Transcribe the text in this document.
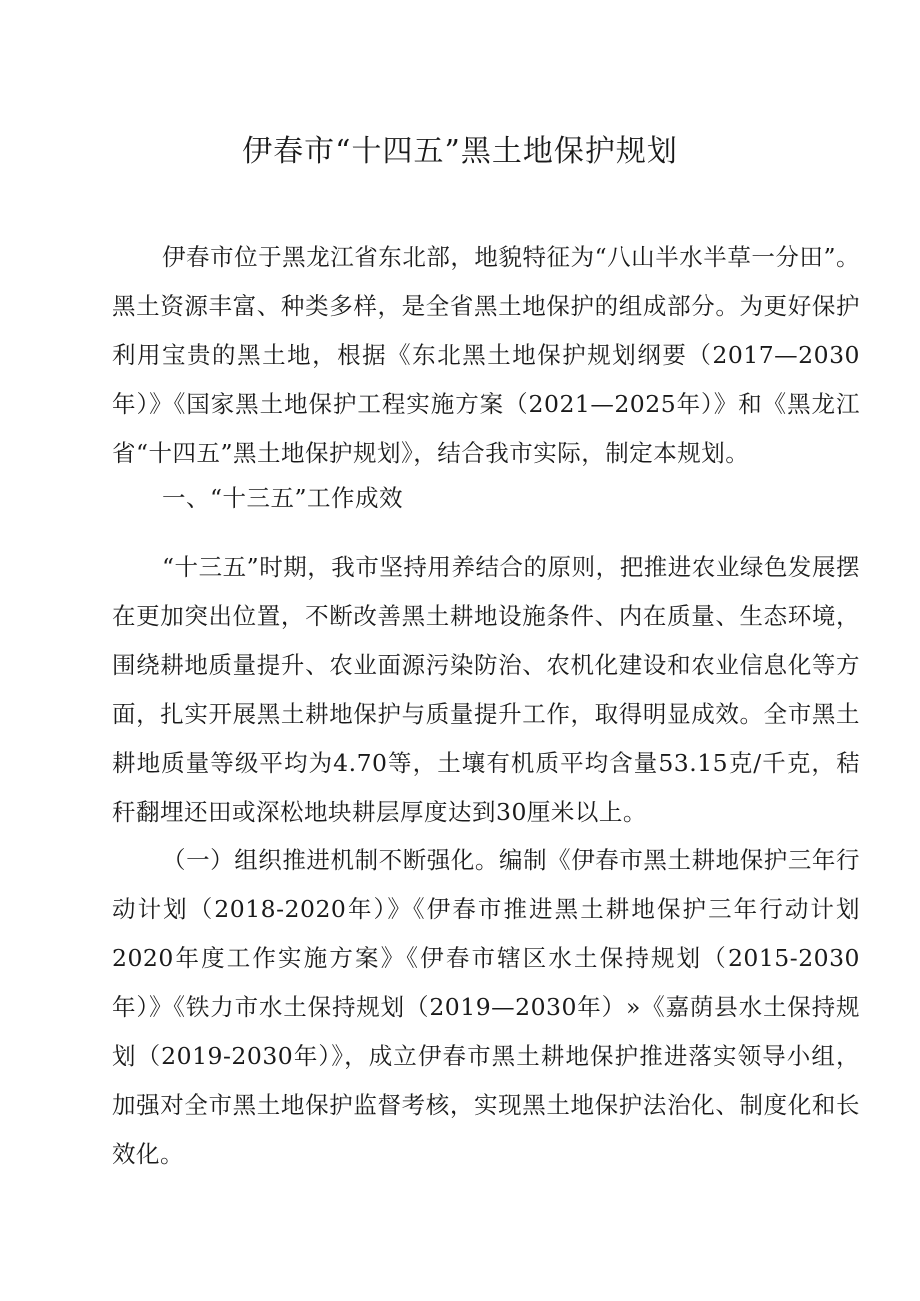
伊春市“十四五”黑土地保护规划

伊春市位于黑龙江省东北部，地貌特征为“八山半水半草一分田”。黑土资源丰富、种类多样，是全省黑土地保护的组成部分。为更好保护利用宝贵的黑土地，根据《东北黑土地保护规划纲要（2017—2030年）》《国家黑土地保护工程实施方案（2021—2025年）》和《黑龙江省“十四五”黑土地保护规划》，结合我市实际，制定本规划。

一、“十三五”工作成效

“十三五”时期，我市坚持用养结合的原则，把推进农业绿色发展摆在更加突出位置，不断改善黑土耕地设施条件、内在质量、生态环境，围绕耕地质量提升、农业面源污染防治、农机化建设和农业信息化等方面，扎实开展黑土耕地保护与质量提升工作，取得明显成效。全市黑土耕地质量等级平均为4.70等，土壤有机质平均含量53.15克/千克，秸秆翻埋还田或深松地块耕层厚度达到30厘米以上。

（一）组织推进机制不断强化。编制《伊春市黑土耕地保护三年行动计划（2018-2020年）》《伊春市推进黑土耕地保护三年行动计划2020年度工作实施方案》《伊春市辖区水土保持规划（2015-2030年）》《铁力市水土保持规划（2019—2030年）»《嘉荫县水土保持规划（2019-2030年）》，成立伊春市黑土耕地保护推进落实领导小组，加强对全市黑土地保护监督考核，实现黑土地保护法治化、制度化和长效化。
